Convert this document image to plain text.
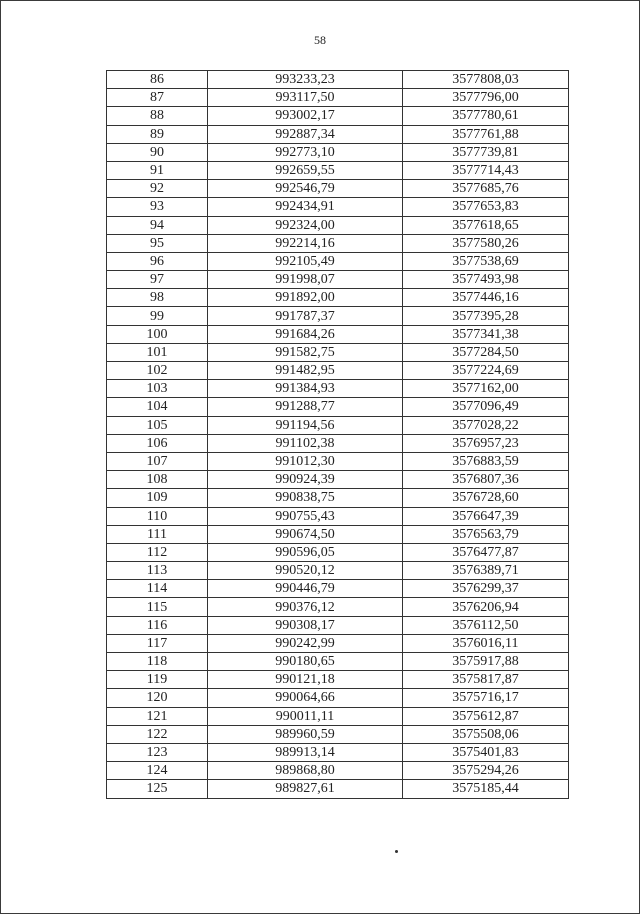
58
86	993233,23	3577808,03
87	993117,50	3577796,00
88	993002,17	3577780,61
89	992887,34	3577761,88
90	992773,10	3577739,81
91	992659,55	3577714,43
92	992546,79	3577685,76
93	992434,91	3577653,83
94	992324,00	3577618,65
95	992214,16	3577580,26
96	992105,49	3577538,69
97	991998,07	3577493,98
98	991892,00	3577446,16
99	991787,37	3577395,28
100	991684,26	3577341,38
101	991582,75	3577284,50
102	991482,95	3577224,69
103	991384,93	3577162,00
104	991288,77	3577096,49
105	991194,56	3577028,22
106	991102,38	3576957,23
107	991012,30	3576883,59
108	990924,39	3576807,36
109	990838,75	3576728,60
110	990755,43	3576647,39
111	990674,50	3576563,79
112	990596,05	3576477,87
113	990520,12	3576389,71
114	990446,79	3576299,37
115	990376,12	3576206,94
116	990308,17	3576112,50
117	990242,99	3576016,11
118	990180,65	3575917,88
119	990121,18	3575817,87
120	990064,66	3575716,17
121	990011,11	3575612,87
122	989960,59	3575508,06
123	989913,14	3575401,83
124	989868,80	3575294,26
125	989827,61	3575185,44
